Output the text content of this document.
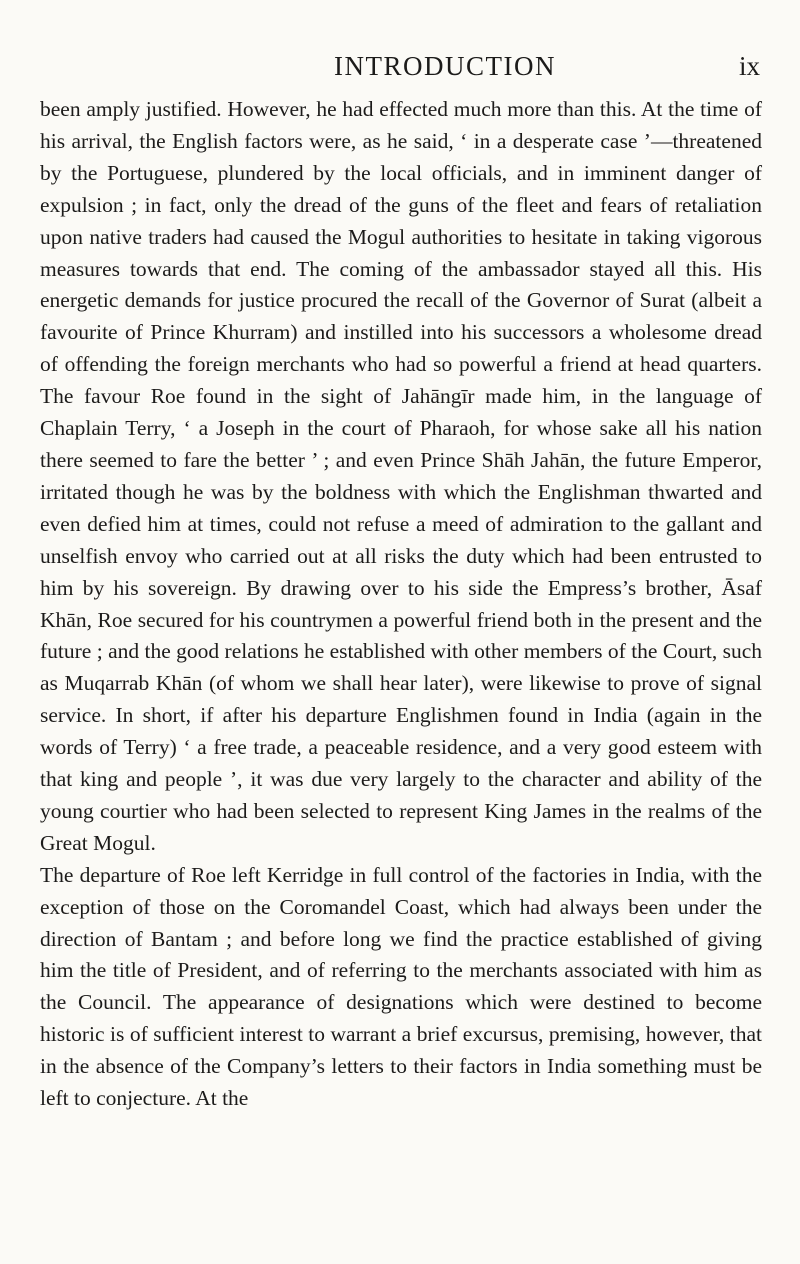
INTRODUCTION	ix

been amply justified. However, he had effected much more than this. At the time of his arrival, the English factors were, as he said, ‘ in a desperate case ’—threatened by the Portuguese, plundered by the local officials, and in imminent danger of expulsion ; in fact, only the dread of the guns of the fleet and fears of retaliation upon native traders had caused the Mogul authorities to hesitate in taking vigorous measures towards that end. The coming of the ambassador stayed all this. His energetic demands for justice procured the recall of the Governor of Surat (albeit a favourite of Prince Khurram) and instilled into his successors a wholesome dread of offending the foreign merchants who had so powerful a friend at head quarters. The favour Roe found in the sight of Jahāngīr made him, in the language of Chaplain Terry, ‘ a Joseph in the court of Pharaoh, for whose sake all his nation there seemed to fare the better ’ ; and even Prince Shāh Jahān, the future Emperor, irritated though he was by the boldness with which the Englishman thwarted and even defied him at times, could not refuse a meed of admiration to the gallant and unselfish envoy who carried out at all risks the duty which had been entrusted to him by his sovereign. By drawing over to his side the Empress’s brother, Āsaf Khān, Roe secured for his countrymen a powerful friend both in the present and the future ; and the good relations he established with other members of the Court, such as Muqarrab Khān (of whom we shall hear later), were likewise to prove of signal service. In short, if after his departure Englishmen found in India (again in the words of Terry) ‘ a free trade, a peaceable residence, and a very good esteem with that king and people ’, it was due very largely to the character and ability of the young courtier who had been selected to represent King James in the realms of the Great Mogul.

The departure of Roe left Kerridge in full control of the factories in India, with the exception of those on the Coromandel Coast, which had always been under the direction of Bantam ; and before long we find the practice established of giving him the title of President, and of referring to the merchants associated with him as the Council. The appearance of designations which were destined to become historic is of sufficient interest to warrant a brief excursus, premising, however, that in the absence of the Company’s letters to their factors in India something must be left to conjecture. At the
